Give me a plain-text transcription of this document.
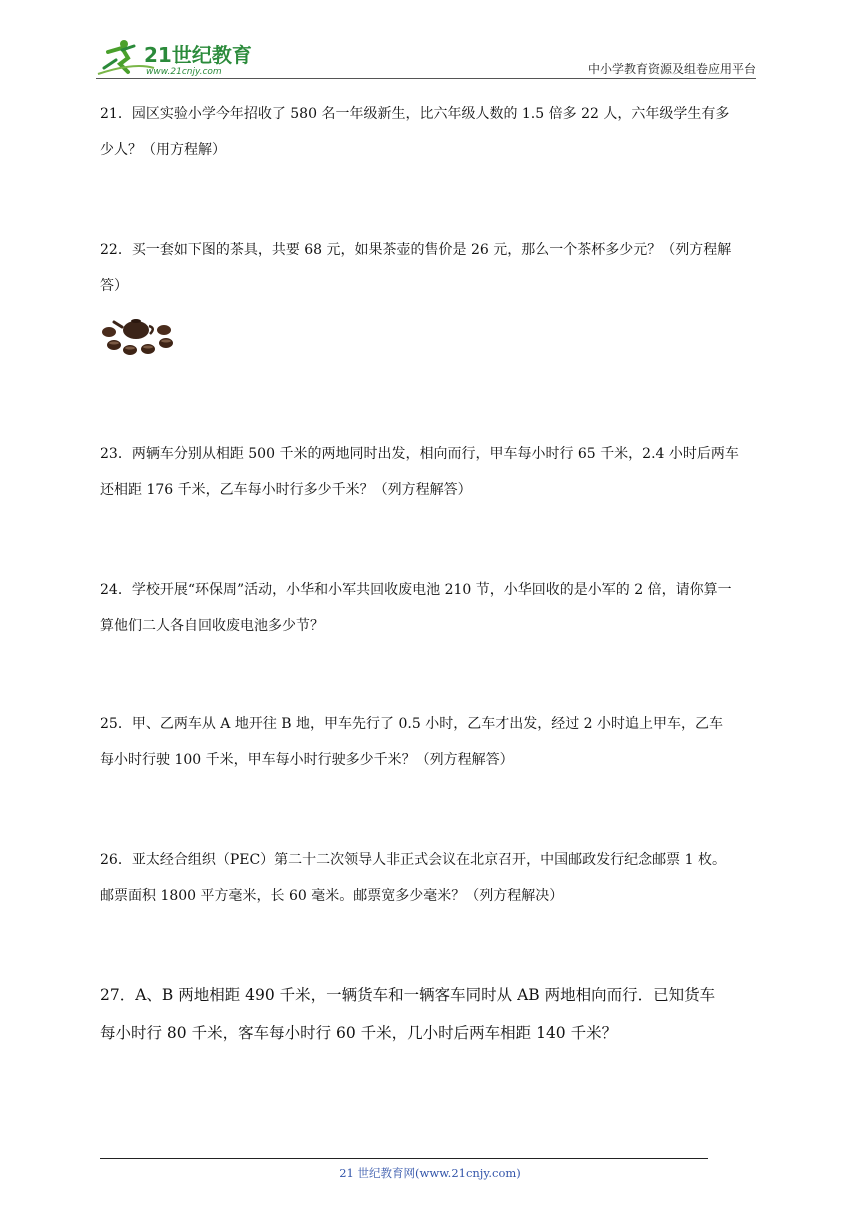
21世纪教育
www.21cnjy.com	中小学教育资源及组卷应用平台

21．园区实验小学今年招收了 580 名一年级新生，比六年级人数的 1.5 倍多 22 人，六年级学生有多

少人？（用方程解）

22．买一套如下图的茶具，共要 68 元，如果茶壶的售价是 26 元，那么一个茶杯多少元？（列方程解

答）

23．两辆车分别从相距 500 千米的两地同时出发，相向而行，甲车每小时行 65 千米，2.4 小时后两车

还相距 176 千米，乙车每小时行多少千米？（列方程解答）

24．学校开展“环保周”活动，小华和小军共回收废电池 210 节，小华回收的是小军的 2 倍，请你算一

算他们二人各自回收废电池多少节？

25．甲、乙两车从 A 地开往 B 地，甲车先行了 0.5 小时，乙车才出发，经过 2 小时追上甲车，乙车

每小时行驶 100 千米，甲车每小时行驶多少千米？（列方程解答）

26．亚太经合组织（PEC）第二十二次领导人非正式会议在北京召开，中国邮政发行纪念邮票 1 枚。

邮票面积 1800 平方毫米，长 60 毫米。邮票宽多少毫米？（列方程解决）

27．A、B 两地相距 490 千米，一辆货车和一辆客车同时从 AB 两地相向而行．已知货车

每小时行 80 千米，客车每小时行 60 千米，几小时后两车相距 140 千米？

21 世纪教育网(www.21cnjy.com)
